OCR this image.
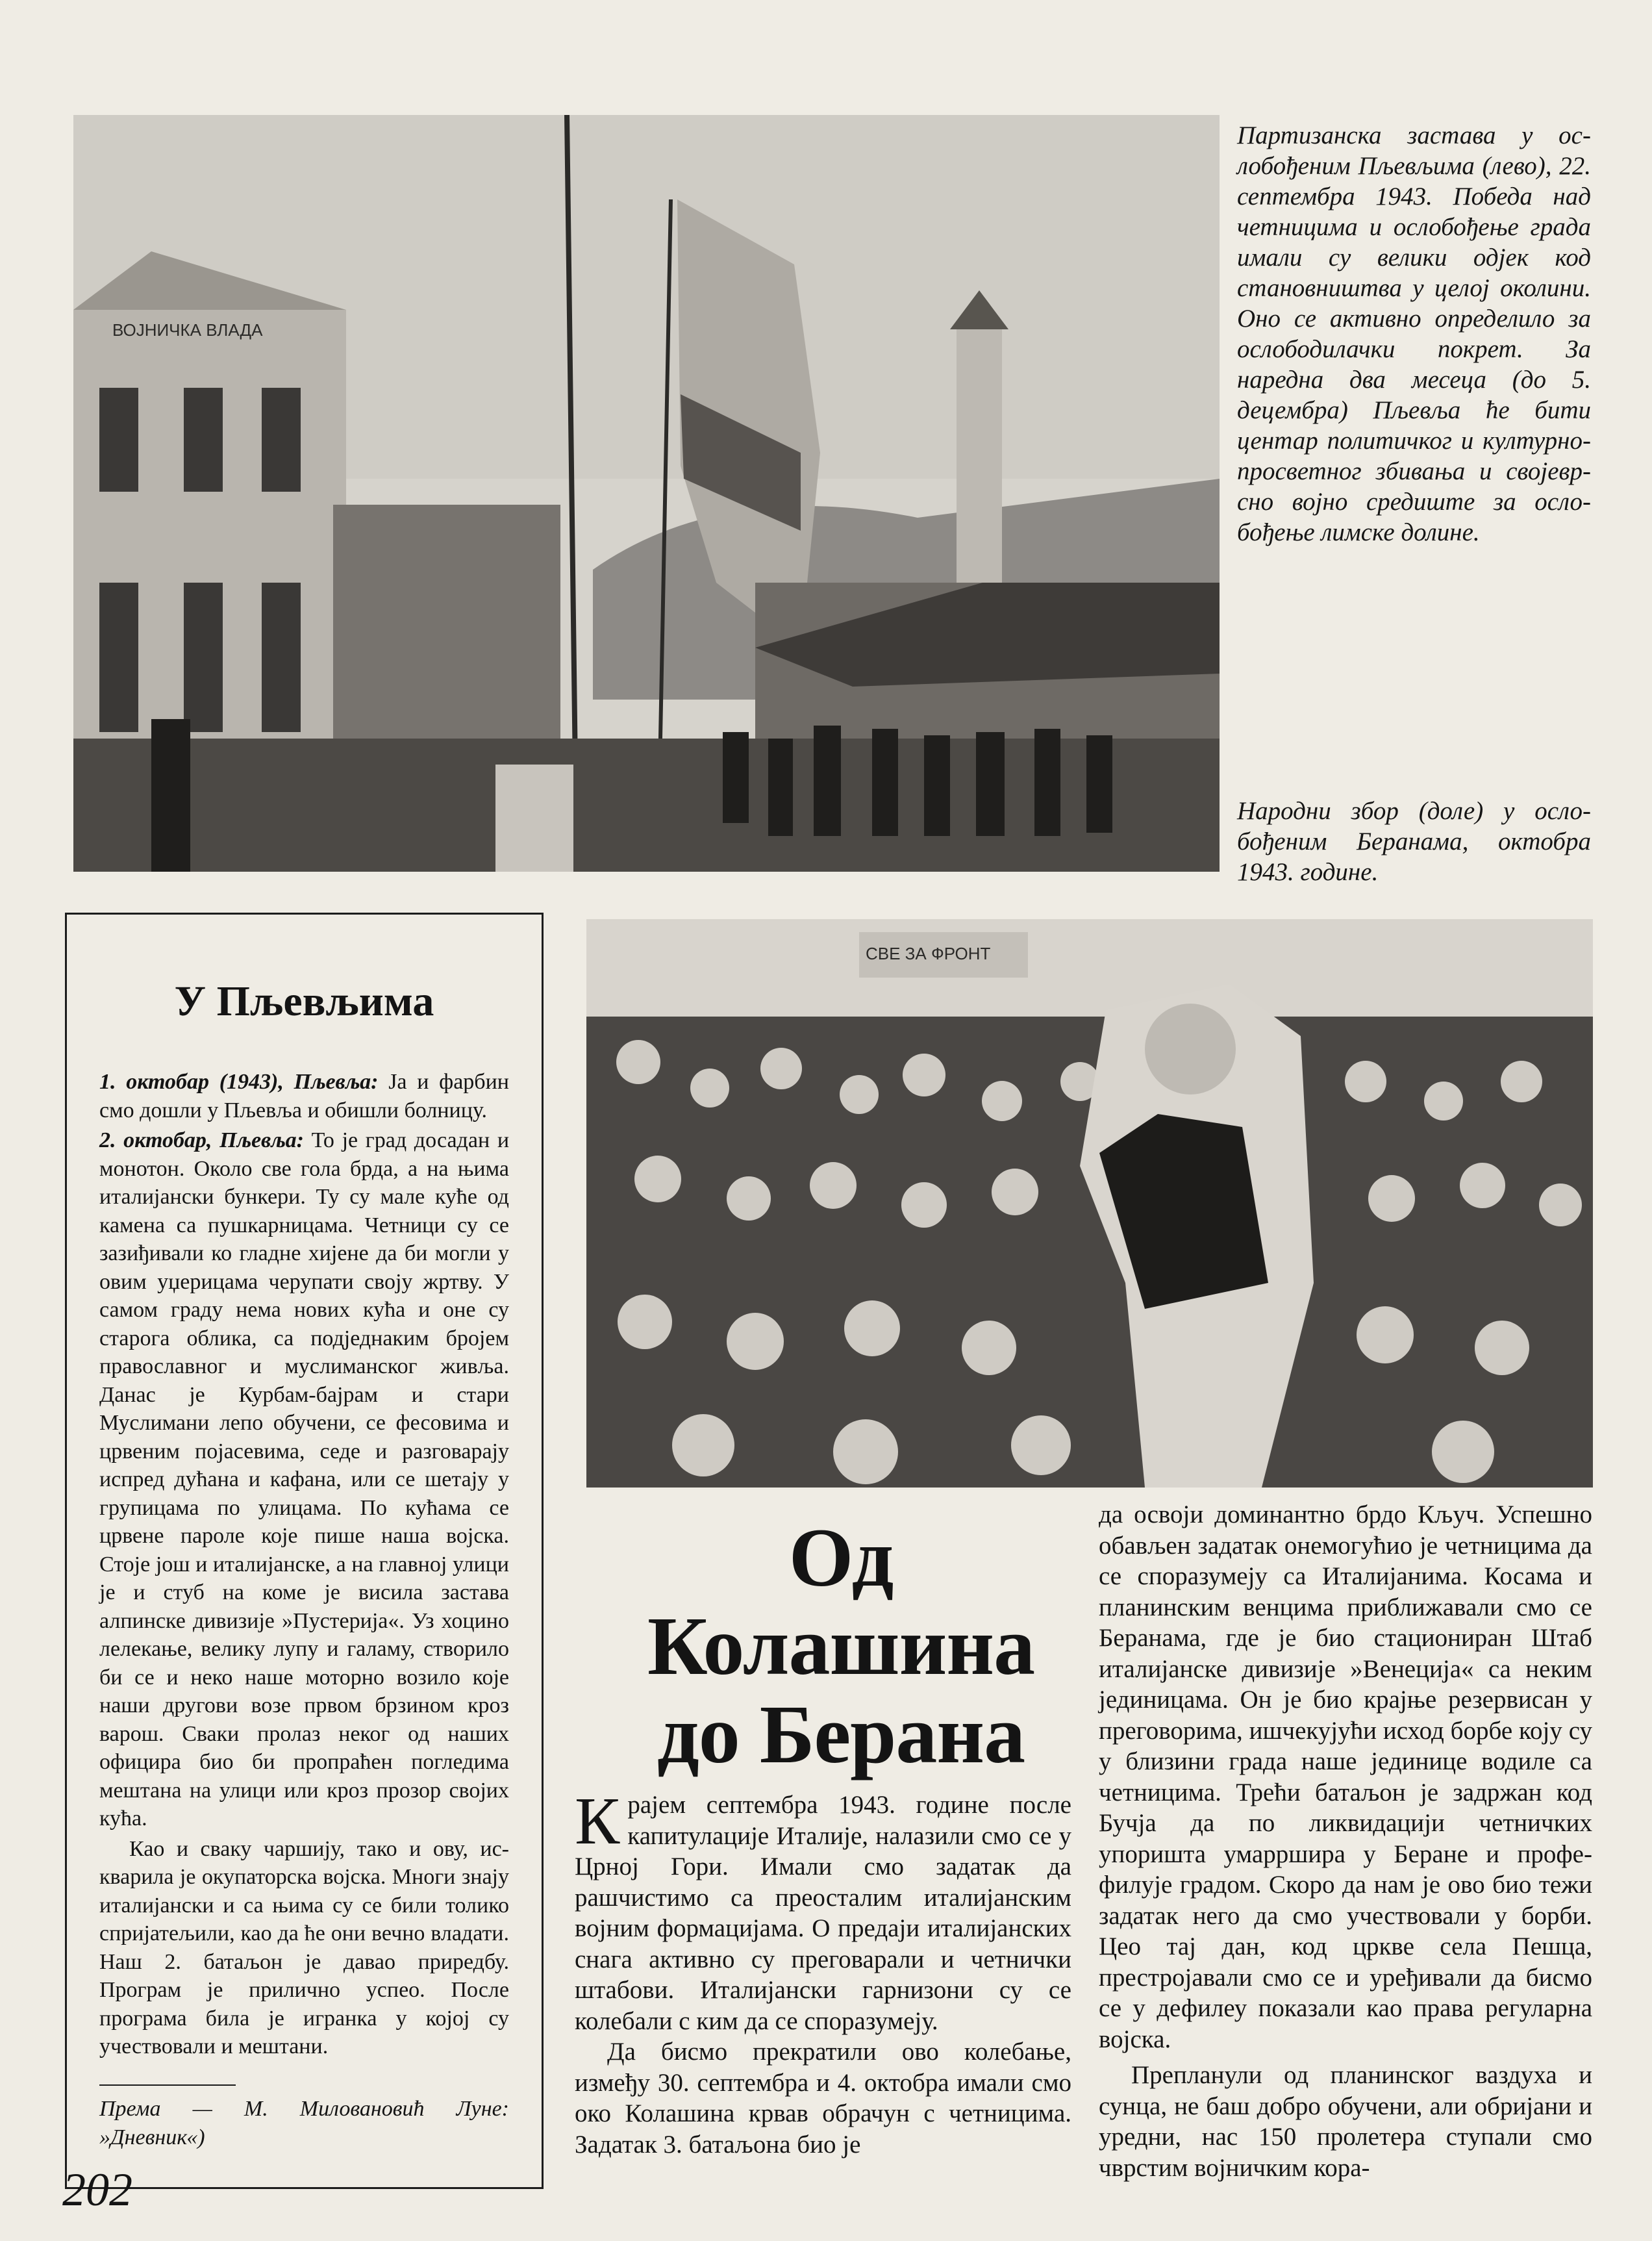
ВОЈНИЧКА ВЛАДА

Партизанска застава у ослобођеним Пљевљима (лево), 22. септембра 1943. Победа над четницима и ослобођење града имали су велики одјек код становништва у целој околини. Оно се активно определило за ослободилачки покрет. За наредна два месеца (до 5. децембра) Пљевља ће бити центар политичког и културно-просветног збивања и својеврсно војно средиште за ослобођење лимске долине.

Народни збор (доле) у ослобођеним Беранама, октобра 1943. године.

У Пљевљима

1. октобар (1943), Пљевља: Ја и фарбин смо дошли у Пљевља и обишли болницу.

2. октобар, Пљевља: То је град досадан и монотон. Около све гола брда, а на њима италијански бункери. Ту су мале куће од камена са пушкарницама. Четници су се зазиђивали ко гладне хијене да би могли у овим уџерицама черупати своју жртву. У самом граду нема нових кућа и оне су старога облика, са подједнаким бројем православног и муслиманског живља. Данас је Курбам-бајрам и стари Муслимани лепо обучени, се фесовима и црвеним појасевима, седе и разговарају испред дућана и кафана, или се шетају у групицама по улицама. По кућама се црвене пароле које пише наша војска. Стоје још и италијанске, а на главној улици је и стуб на коме је висила застава алпинске дивизије »Пустерија«. Уз хоцино лелекање, велику лупу и галаму, створило би се и неко наше моторно возило које наши другови возе првом брзином кроз варош. Сваки пролаз неког од наших официра био би пропраћен погледима мештана на улици или кроз прозор својих кућа.

Као и сваку чаршију, тако и ову, искварила је окупаторска војска. Многи знају италијански и са њима су се били толико спријатељили, као да ће они вечно владати. Наш 2. батаљон је давао приредбу. Програм је прилично успео. После програма била је игранка у којој су учествовали и мештани.

Према — М. Миловановић Луне: »Дневник«)
СВЕ ЗА ФРОНТ
Од
Колашина
до Берана

Крајем септембра 1943. године после капитулације Италије, налазили смо се у Црној Гори. Имали смо задатак да рашчистимо са преосталим италијанским војним формацијама. О предаји италијанских снага активно су преговарали и четнички штабови. Италијански гарнизони су се колебали с ким да се споразумеју.

Да бисмо прекратили ово колебање, између 30. септембра и 4. октобра имали смо око Колашина крвав обрачун с четницима. Задатак 3. батаљона био је

да освоји доминантно брдо Кључ. Успешно обављен задатак онемогућио је четницима да се споразумеју са Италијанима. Косама и планинским венцима приближавали смо се Беранама, где је био стациониран Штаб италијанске дивизије »Венеција« са неким јединицама. Он је био крајње резервисан у преговорима, ишчекујући исход борбе коју су у близини града наше јединице водиле са четницима. Трећи батаљон је задржан код Бучја да по ликвидацији четничких упоришта умарршира у Беране и профефилује градом. Скоро да нам је ово био тежи задатак него да смо учествовали у борби. Цео тај дан, код цркве села Пешца, престројавали смо се и уређивали да бисмо се у дефилеу показали као права регуларна војска.

Препланули од планинског ваздуха и сунца, не баш добро обучени, али обријани и уредни, нас 150 пролетера ступали смо чврстим војничким кора-

202
